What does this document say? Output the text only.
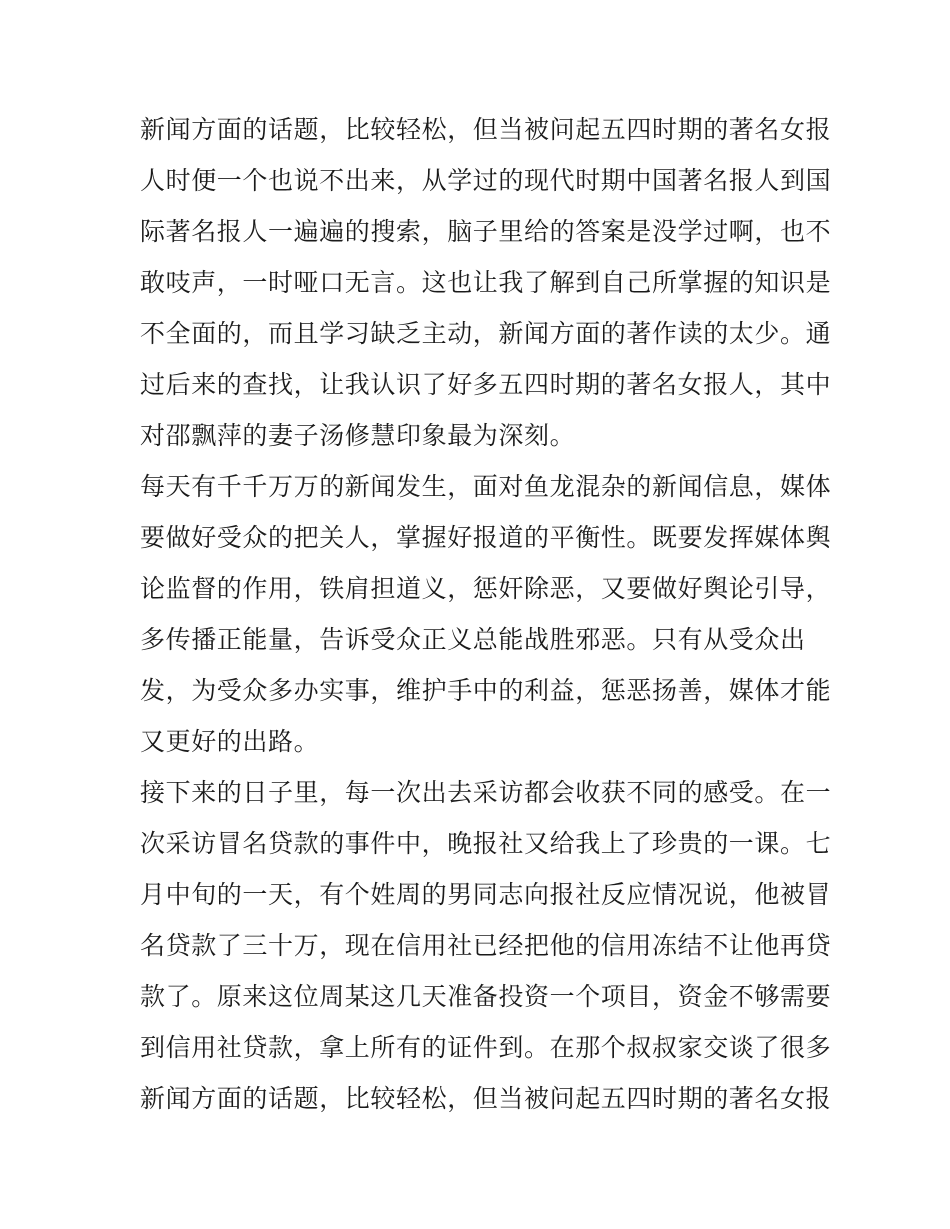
新闻方面的话题，比较轻松，但当被问起五四时期的著名女报
人时便一个也说不出来，从学过的现代时期中国著名报人到国
际著名报人一遍遍的搜索，脑子里给的答案是没学过啊，也不
敢吱声，一时哑口无言。这也让我了解到自己所掌握的知识是
不全面的，而且学习缺乏主动，新闻方面的著作读的太少。通
过后来的查找，让我认识了好多五四时期的著名女报人，其中
对邵飘萍的妻子汤修慧印象最为深刻。
每天有千千万万的新闻发生，面对鱼龙混杂的新闻信息，媒体
要做好受众的把关人，掌握好报道的平衡性。既要发挥媒体舆
论监督的作用，铁肩担道义，惩奸除恶，又要做好舆论引导，
多传播正能量，告诉受众正义总能战胜邪恶。只有从受众出
发，为受众多办实事，维护手中的利益，惩恶扬善，媒体才能
又更好的出路。
接下来的日子里，每一次出去采访都会收获不同的感受。在一
次采访冒名贷款的事件中，晚报社又给我上了珍贵的一课。七
月中旬的一天，有个姓周的男同志向报社反应情况说，他被冒
名贷款了三十万，现在信用社已经把他的信用冻结不让他再贷
款了。原来这位周某这几天准备投资一个项目，资金不够需要
到信用社贷款，拿上所有的证件到。在那个叔叔家交谈了很多
新闻方面的话题，比较轻松，但当被问起五四时期的著名女报
